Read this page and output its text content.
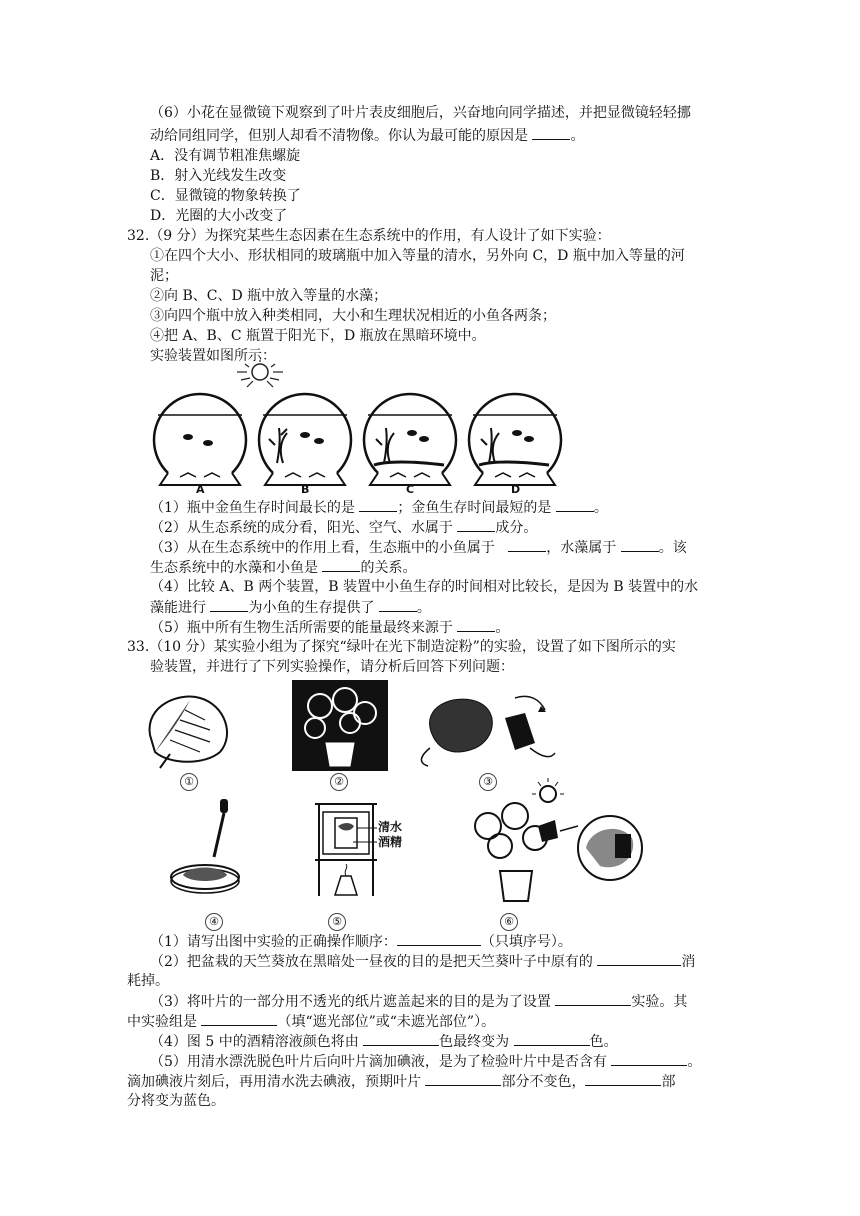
（6）小花在显微镜下观察到了叶片表皮细胞后，兴奋地向同学描述，并把显微镜轻轻挪
动给同组同学，但别人却看不清物像。你认为最可能的原因是	。
A．没有调节粗准焦螺旋
B．射入光线发生改变
C．显微镜的物象转换了
D．光圈的大小改变了
32.（9 分）为探究某些生态因素在生态系统中的作用，有人设计了如下实验：
①在四个大小、形状相同的玻璃瓶中加入等量的清水，另外向 C，D 瓶中加入等量的河
泥；
②向 B、C、D 瓶中放入等量的水藻；
③向四个瓶中放入种类相同，大小和生理状况相近的小鱼各两条；
④把 A、B、C 瓶置于阳光下，D 瓶放在黑暗环境中。
实验装置如图所示：
A	B	C	D
（1）瓶中金鱼生存时间最长的是	；金鱼生存时间最短的是	。
（2）从生态系统的成分看，阳光、空气、水属于	成分。
（3）从在生态系统中的作用上看，生态瓶中的小鱼属于	，水藻属于	。该
生态系统中的水藻和小鱼是	的关系。
（4）比较 A、B 两个装置，B 装置中小鱼生存的时间相对比较长，是因为 B 装置中的水
藻能进行	为小鱼的生存提供了	。
（5）瓶中所有生物生活所需要的能量最终来源于	。
33.（10 分）某实验小组为了探究“绿叶在光下制造淀粉”的实验，设置了如下图所示的实
验装置，并进行了下列实验操作，请分析后回答下列问题：
①	②	③
清水
酒精
④	⑤	⑥
（1）请写出图中实验的正确操作顺序：	（只填序号）。
（2）把盆栽的天竺葵放在黑暗处一昼夜的目的是把天竺葵叶子中原有的	消
耗掉。
（3）将叶片的一部分用不透光的纸片遮盖起来的目的是为了设置	实验。其
中实验组是	（填“遮光部位”或“未遮光部位”）。
（4）图 5 中的酒精溶液颜色将由	色最终变为	色。
（5）用清水漂洗脱色叶片后向叶片滴加碘液，是为了检验叶片中是否含有	。
滴加碘液片刻后，再用清水洗去碘液，预期叶片	部分不变色，	部
分将变为蓝色。
